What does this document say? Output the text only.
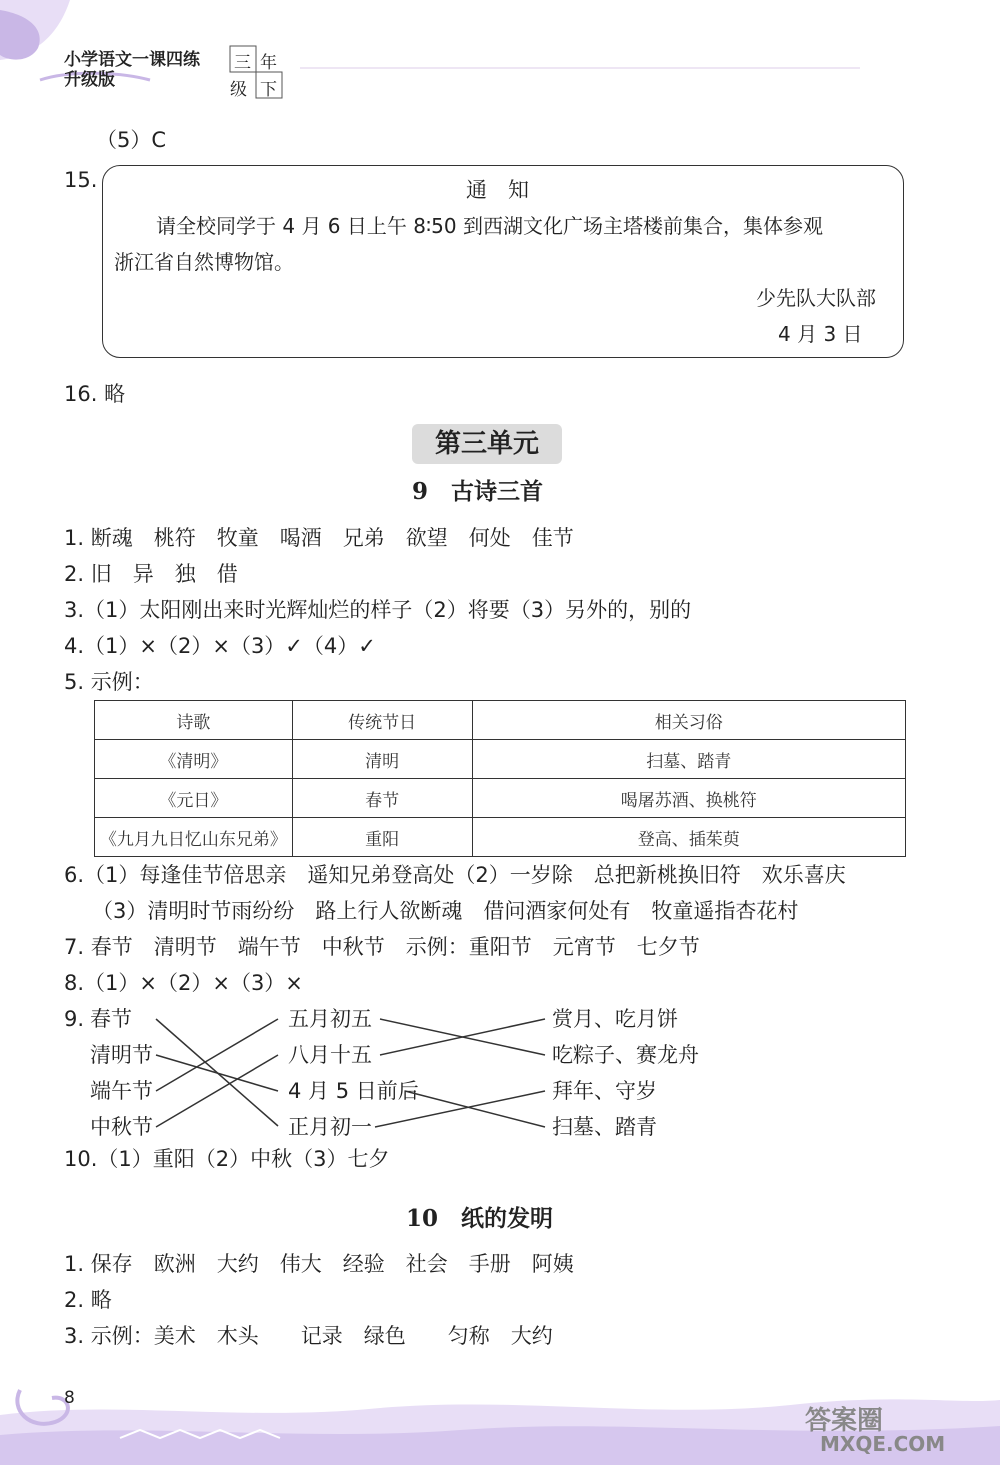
小学语文一课四练
升级版
三 年
级 下
（5）C
15.	通　知
请全校同学于 4 月 6 日上午 8∶50 到西湖文化广场主塔楼前集合，集体参观
浙江省自然博物馆。
少先队大队部
4 月 3 日
16. 略
第三单元
9　古诗三首
1. 断魂　桃符　牧童　喝酒　兄弟　欲望　何处　佳节
2. 旧　异　独　借
3.（1）太阳刚出来时光辉灿烂的样子（2）将要（3）另外的，别的
4.（1）×（2）×（3）✓（4）✓
5. 示例：
诗歌	传统节日	相关习俗
《清明》	清明	扫墓、踏青
《元日》	春节	喝屠苏酒、换桃符
《九月九日忆山东兄弟》	重阳	登高、插茱萸
6.（1）每逢佳节倍思亲　遥知兄弟登高处（2）一岁除　总把新桃换旧符　欢乐喜庆
（3）清明时节雨纷纷　路上行人欲断魂　借问酒家何处有　牧童遥指杏花村
7. 春节　清明节　端午节　中秋节　示例：重阳节　元宵节　七夕节
8.（1）×（2）×（3）×
9. 春节
清明节
端午节
中秋节
五月初五
八月十五
4 月 5 日前后
正月初一
赏月、吃月饼
吃粽子、赛龙舟
拜年、守岁
扫墓、踏青
10.（1）重阳（2）中秋（3）七夕
10　纸的发明
1. 保存　欧洲　大约　伟大　经验　社会　手册　阿姨
2. 略
3. 示例：美术　木头　　记录　绿色　　匀称　大约
8
答案圈
MXQE.COM
